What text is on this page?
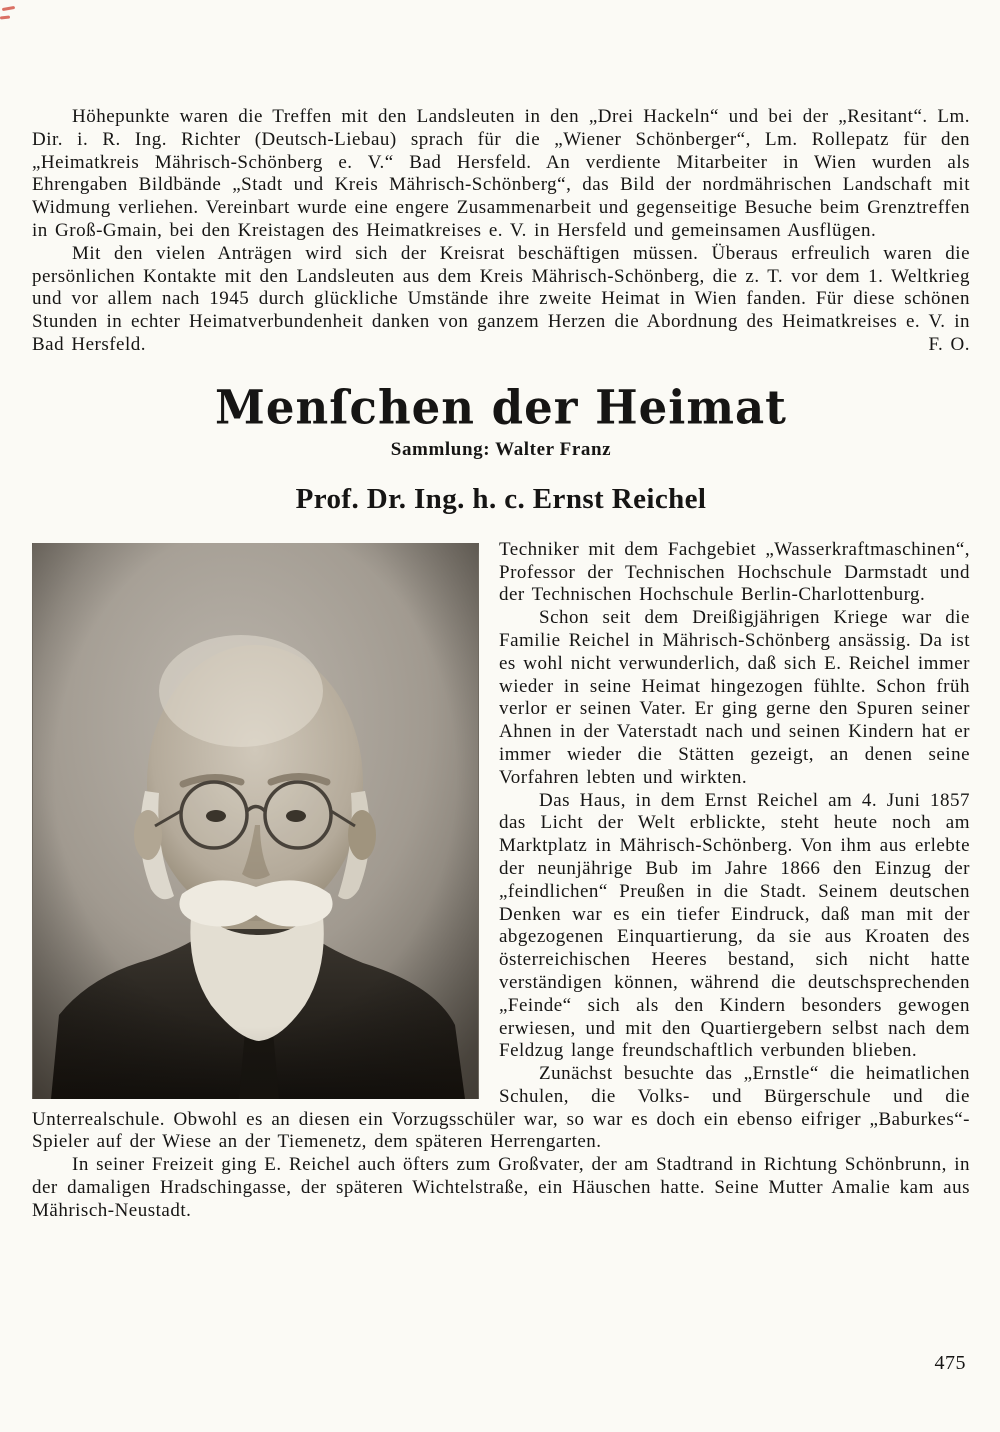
Höhepunkte waren die Treffen mit den Landsleuten in den „Drei Hackeln“ und bei der „Resitant“. Lm. Dir. i. R. Ing. Richter (Deutsch-Liebau) sprach für die „Wiener Schönberger“, Lm. Rollepatz für den „Heimatkreis Mährisch-Schönberg e. V.“ Bad Hersfeld. An verdiente Mitarbeiter in Wien wurden als Ehrengaben Bildbände „Stadt und Kreis Mährisch-Schönberg“, das Bild der nordmährischen Landschaft mit Widmung verliehen. Vereinbart wurde eine engere Zusammenarbeit und gegenseitige Besuche beim Grenztreffen in Groß-Gmain, bei den Kreistagen des Heimatkreises e. V. in Hersfeld und gemeinsamen Ausflügen.

Mit den vielen Anträgen wird sich der Kreisrat beschäftigen müssen. Überaus erfreulich waren die persönlichen Kontakte mit den Landsleuten aus dem Kreis Mährisch-Schönberg, die z. T. vor dem 1. Weltkrieg und vor allem nach 1945 durch glückliche Umstände ihre zweite Heimat in Wien fanden. Für diese schönen Stunden in echter Heimatverbundenheit danken von ganzem Herzen die Abordnung des Heimatkreises e. V. in Bad Hersfeld.	F. O.

Menſchen der Heimat
Sammlung: Walter Franz
Prof. Dr. Ing. h. c. Ernst Reichel

Techniker mit dem Fachgebiet „Wasserkraftmaschinen“, Professor der Technischen Hochschule Darmstadt und der Technischen Hochschule Berlin-Charlottenburg.

Schon seit dem Dreißigjährigen Kriege war die Familie Reichel in Mährisch-Schönberg ansässig. Da ist es wohl nicht verwunderlich, daß sich E. Reichel immer wieder in seine Heimat hingezogen fühlte. Schon früh verlor er seinen Vater. Er ging gerne den Spuren seiner Ahnen in der Vaterstadt nach und seinen Kindern hat er immer wieder die Stätten gezeigt, an denen seine Vorfahren lebten und wirkten.

Das Haus, in dem Ernst Reichel am 4. Juni 1857 das Licht der Welt erblickte, steht heute noch am Marktplatz in Mährisch-Schönberg. Von ihm aus erlebte der neunjährige Bub im Jahre 1866 den Einzug der „feindlichen“ Preußen in die Stadt. Seinem deutschen Denken war es ein tiefer Eindruck, daß man mit der abgezogenen Einquartierung, da sie aus Kroaten des österreichischen Heeres bestand, sich nicht hatte verständigen können, während die deutschsprechenden „Feinde“ sich als den Kindern besonders gewogen erwiesen, und mit den Quartiergebern selbst nach dem Feldzug lange freundschaftlich verbunden blieben.

Zunächst besuchte das „Ernstle“ die heimatlichen Schulen, die Volks- und Bürgerschule und die Unterrealschule. Obwohl es an diesen ein Vorzugsschüler war, so war es doch ein ebenso eifriger „Baburkes“-Spieler auf der Wiese an der Tiemenetz, dem späteren Herrengarten.

In seiner Freizeit ging E. Reichel auch öfters zum Großvater, der am Stadtrand in Richtung Schönbrunn, in der damaligen Hradschingasse, der späteren Wichtelstraße, ein Häuschen hatte. Seine Mutter Amalie kam aus Mährisch-Neustadt.

475
